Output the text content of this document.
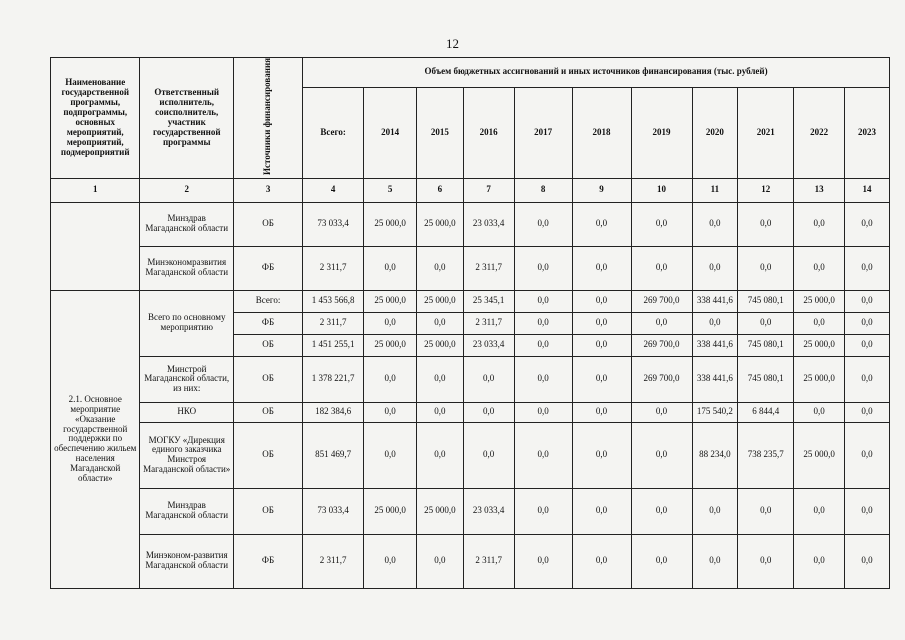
12
Наименование государственной программы, подпрограммы, основных мероприятий, мероприятий, подмероприятий	Ответственный исполнитель, соисполнитель, участник государственной программы	Источники финансирования	Объем бюджетных ассигнований и иных источников финансирования (тыс. рублей)										
			Всего:	2014	2015	2016	2017	2018	2019	2020	2021	2022	2023
1	2	3	4	5	6	7	8	9	10	11	12	13	14
	Минздрав Магаданской области	ОБ	73 033,4	25 000,0	25 000,0	23 033,4	0,0	0,0	0,0	0,0	0,0	0,0	0,0
	Минэкономразвития Магаданской области	ФБ	2 311,7	0,0	0,0	2 311,7	0,0	0,0	0,0	0,0	0,0	0,0	0,0
2.1. Основное мероприятие «Оказание государственной поддержки по обеспечению жильем населения Магаданской области»	Всего по основному мероприятию	Всего:	1 453 566,8	25 000,0	25 000,0	25 345,1	0,0	0,0	269 700,0	338 441,6	745 080,1	25 000,0	0,0
		ФБ	2 311,7	0,0	0,0	2 311,7	0,0	0,0	0,0	0,0	0,0	0,0	0,0
		ОБ	1 451 255,1	25 000,0	25 000,0	23 033,4	0,0	0,0	269 700,0	338 441,6	745 080,1	25 000,0	0,0
	Минстрой Магаданской области, из них:	ОБ	1 378 221,7	0,0	0,0	0,0	0,0	0,0	269 700,0	338 441,6	745 080,1	25 000,0	0,0
	НКО	ОБ	182 384,6	0,0	0,0	0,0	0,0	0,0	0,0	175 540,2	6 844,4	0,0	0,0
	МОГКУ «Дирекция единого заказчика Минстроя Магаданской области»	ОБ	851 469,7	0,0	0,0	0,0	0,0	0,0	0,0	88 234,0	738 235,7	25 000,0	0,0
	Минздрав Магаданской области	ОБ	73 033,4	25 000,0	25 000,0	23 033,4	0,0	0,0	0,0	0,0	0,0	0,0	0,0
	Минэконом-развития Магаданской области	ФБ	2 311,7	0,0	0,0	2 311,7	0,0	0,0	0,0	0,0	0,0	0,0	0,0
